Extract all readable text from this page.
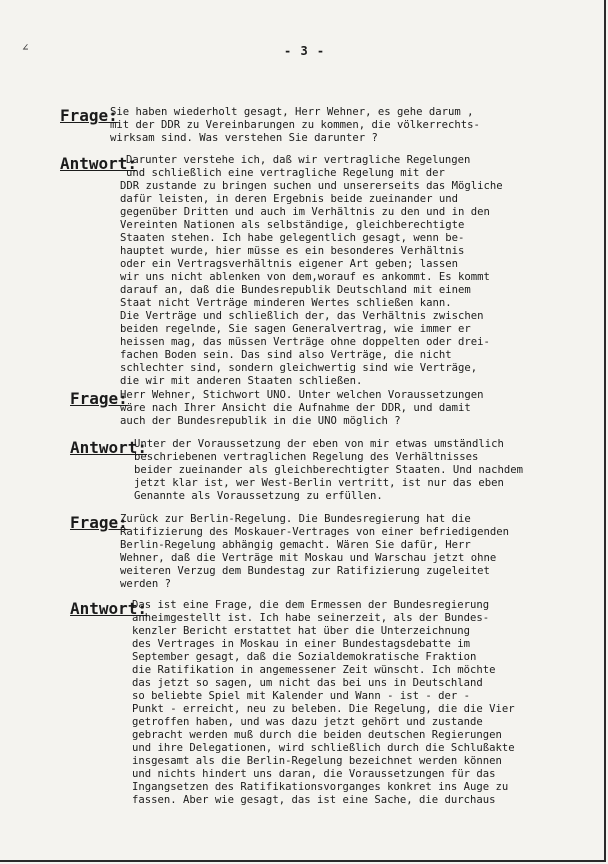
∠	- 3 -
Frage:
Sie haben wiederholt gesagt, Herr Wehner, es gehe darum ,
mit der DDR zu Vereinbarungen zu kommen, die völkerrechts-
wirksam sind. Was verstehen Sie darunter ?
Antwort:
Darunter verstehe ich, daß wir vertragliche Regelungen
und schließlich eine vertragliche Regelung mit der
DDR zustande zu bringen suchen und unsererseits das Mögliche
dafür leisten, in deren Ergebnis beide zueinander und
gegenüber Dritten und auch im Verhältnis zu den und in den
Vereinten Nationen als selbständige, gleichberechtigte
Staaten stehen. Ich habe gelegentlich gesagt, wenn be-
hauptet wurde, hier müsse es ein besonderes Verhältnis
oder ein Vertragsverhältnis eigener Art geben; lassen
wir uns nicht ablenken von dem,worauf es ankommt. Es kommt
darauf an, daß die Bundesrepublik Deutschland mit einem
Staat nicht Verträge minderen Wertes schließen kann.
Die Verträge und schließlich der, das Verhältnis zwischen
beiden regelnde, Sie sagen Generalvertrag, wie immer er
heissen mag, das müssen Verträge ohne doppelten oder drei-
fachen Boden sein. Das sind also Verträge, die nicht
schlechter sind, sondern gleichwertig sind wie Verträge,
die wir mit anderen Staaten schließen.
Frage:
Herr Wehner, Stichwort UNO. Unter welchen Voraussetzungen
wäre nach Ihrer Ansicht die Aufnahme der DDR, und damit
auch der Bundesrepublik in die UNO möglich ?
Antwort:
Unter der Voraussetzung der eben von mir etwas umständlich
beschriebenen vertraglichen Regelung des Verhältnisses
beider zueinander als gleichberechtigter Staaten. Und nachdem
jetzt klar ist, wer West-Berlin vertritt, ist nur das eben
Genannte als Voraussetzung zu erfüllen.
Frage:
Zurück zur Berlin-Regelung. Die Bundesregierung hat die
Ratifizierung des Moskauer-Vertrages von einer befriedigenden
Berlin-Regelung abhängig gemacht. Wären Sie dafür, Herr
Wehner, daß die Verträge mit Moskau und Warschau jetzt ohne
weiteren Verzug dem Bundestag zur Ratifizierung zugeleitet
werden ?
Antwort:
Das ist eine Frage, die dem Ermessen der Bundesregierung
anheimgestellt ist. Ich habe seinerzeit, als der Bundes-
kenzler Bericht erstattet hat über die Unterzeichnung
des Vertrages in Moskau in einer Bundestagsdebatte im
September gesagt, daß die Sozialdemokratische Fraktion
die Ratifikation in angemessener Zeit wünscht. Ich möchte
das jetzt so sagen, um nicht das bei uns in Deutschland
so beliebte Spiel mit Kalender und Wann - ist - der -
Punkt - erreicht, neu zu beleben. Die Regelung, die die Vier
getroffen haben, und was dazu jetzt gehört und zustande
gebracht werden muß durch die beiden deutschen Regierungen
und ihre Delegationen, wird schließlich durch die Schlußakte
insgesamt als die Berlin-Regelung bezeichnet werden können
und nichts hindert uns daran, die Voraussetzungen für das
Ingangsetzen des Ratifikationsvorganges konkret ins Auge zu
fassen. Aber wie gesagt, das ist eine Sache, die durchaus
